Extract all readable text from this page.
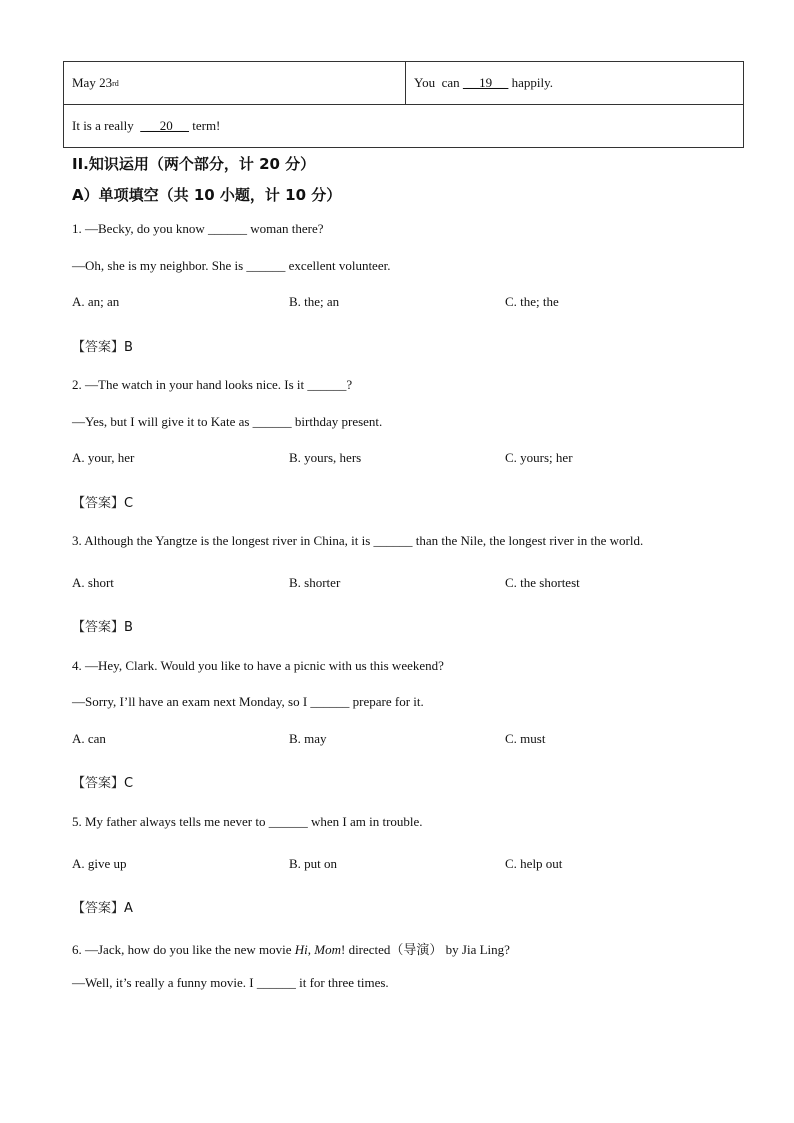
May 23 rd	You  can __19__ happily.
It is a really __20__ term!
II.知识运用（两个部分，计 20 分）
A）单项填空（共 10 小题，计 10 分）
1. —Becky, do you know ______ woman there?
—Oh, she is my neighbor. She is ______ excellent volunteer.
A. an; an	B. the; an	C. the; the
【答案】B
2. —The watch in your hand looks nice. Is it ______?
—Yes, but I will give it to Kate as ______ birthday present.
A. your, her	B. yours, hers	C. yours; her
【答案】C
3. Although the Yangtze is the longest river in China, it is ______ than the Nile, the longest river in the world.
A. short	B. shorter	C. the shortest
【答案】B
4. —Hey, Clark. Would you like to have a picnic with us this weekend?
—Sorry, I’ll have an exam next Monday, so I ______ prepare for it.
A. can	B. may	C. must
【答案】C
5. My father always tells me never to ______ when I am in trouble.
A. give up	B. put on	C. help out
【答案】A
6. —Jack, how do you like the new movie Hi, Mom! directed（导演） by Jia Ling?
—Well, it’s really a funny movie. I ______ it for three times.
